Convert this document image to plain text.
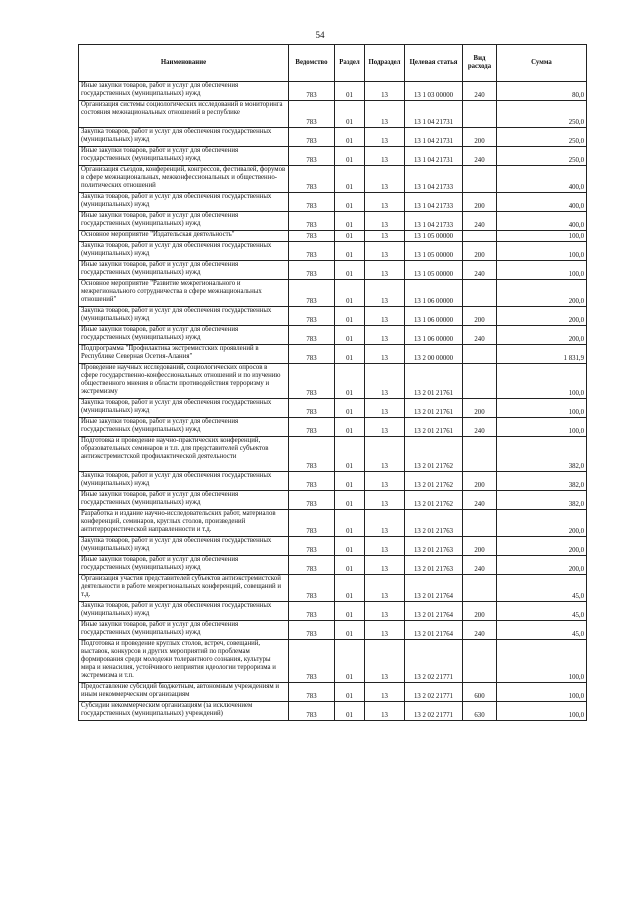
54
Наименование	Ведомство	Раздел	Подраздел	Целевая статья	Вид расхода	Сумма
Иные закупки товаров, работ и услуг для обеспечения государственных (муниципальных) нужд	783	01	13	13 1 03 00000	240	80,0
Организация системы социологических исследований в мониторинга состояния межнациональных отношений в республике	783	01	13	13 1 04 21731		250,0
Закупка товаров, работ и услуг для обеспечения государственных (муниципальных) нужд	783	01	13	13 1 04 21731	200	250,0
Иные закупки товаров, работ и услуг для обеспечения государственных (муниципальных) нужд	783	01	13	13 1 04 21731	240	250,0
Организация съездов, конференций, конгрессов, фестивалей, форумов в сфере межнациональных, межконфессиональных и общественно-политических отношений	783	01	13	13 1 04 21733		400,0
Закупка товаров, работ и услуг для обеспечения государственных (муниципальных) нужд	783	01	13	13 1 04 21733	200	400,0
Иные закупки товаров, работ и услуг для обеспечения государственных (муниципальных) нужд	783	01	13	13 1 04 21733	240	400,0
Основное мероприятие "Издательская деятельность"	783	01	13	13 1 05 00000		100,0
Закупка товаров, работ и услуг для обеспечения государственных (муниципальных) нужд	783	01	13	13 1 05 00000	200	100,0
Иные закупки товаров, работ и услуг для обеспечения государственных (муниципальных) нужд	783	01	13	13 1 05 00000	240	100,0
Основное мероприятие "Развитие межрегионального и межрегионального сотрудничества в сфере межнациональных отношений"	783	01	13	13 1 06 00000		200,0
Закупка товаров, работ и услуг для обеспечения государственных (муниципальных) нужд	783	01	13	13 1 06 00000	200	200,0
Иные закупки товаров, работ и услуг для обеспечения государственных (муниципальных) нужд	783	01	13	13 1 06 00000	240	200,0
Подпрограмма "Профилактика экстремистских проявлений в Республике Северная Осетия-Алания"	783	01	13	13 2 00 00000		1 831,9
Проведение научных исследований, социологических опросов в сфере государственно-конфессиональных отношений и по изучению общественного мнения в области противодействия терроризму и экстремизму	783	01	13	13 2 01 21761		100,0
Закупка товаров, работ и услуг для обеспечения государственных (муниципальных) нужд	783	01	13	13 2 01 21761	200	100,0
Иные закупки товаров, работ и услуг для обеспечения государственных (муниципальных) нужд	783	01	13	13 2 01 21761	240	100,0
Подготовка и проведение научно-практических конференций, образовательных семинаров и т.п. для представителей субъектов антиэкстремистской профилактической деятельности	783	01	13	13 2 01 21762		382,0
Закупка товаров, работ и услуг для обеспечения государственных (муниципальных) нужд	783	01	13	13 2 01 21762	200	382,0
Иные закупки товаров, работ и услуг для обеспечения государственных (муниципальных) нужд	783	01	13	13 2 01 21762	240	382,0
Разработка и издание научно-исследовательских работ, материалов конференций, семинаров, круглых столов, произведений антитеррористической направленности и т.д.	783	01	13	13 2 01 21763		200,0
Закупка товаров, работ и услуг для обеспечения государственных (муниципальных) нужд	783	01	13	13 2 01 21763	200	200,0
Иные закупки товаров, работ и услуг для обеспечения государственных (муниципальных) нужд	783	01	13	13 2 01 21763	240	200,0
Организация участия представителей субъектов антиэкстремистской деятельности в работе межрегиональных конференций, совещаний и т.д.	783	01	13	13 2 01 21764		45,0
Закупка товаров, работ и услуг для обеспечения государственных (муниципальных) нужд	783	01	13	13 2 01 21764	200	45,0
Иные закупки товаров, работ и услуг для обеспечения государственных (муниципальных) нужд	783	01	13	13 2 01 21764	240	45,0
Подготовка и проведение круглых столов, встреч, совещаний, выставок, конкурсов и других мероприятий по проблемам формирования среди молодежи толерантного сознания, культуры мира и ненасилия, устойчивого неприятия идеологии терроризма и экстремизма и т.п.	783	01	13	13 2 02 21771		100,0
Предоставление субсидий бюджетным, автономным учреждениям и иным некоммерческим организациям	783	01	13	13 2 02 21771	600	100,0
Субсидии некоммерческим организациям (за исключением государственных (муниципальных) учреждений)	783	01	13	13 2 02 21771	630	100,0
